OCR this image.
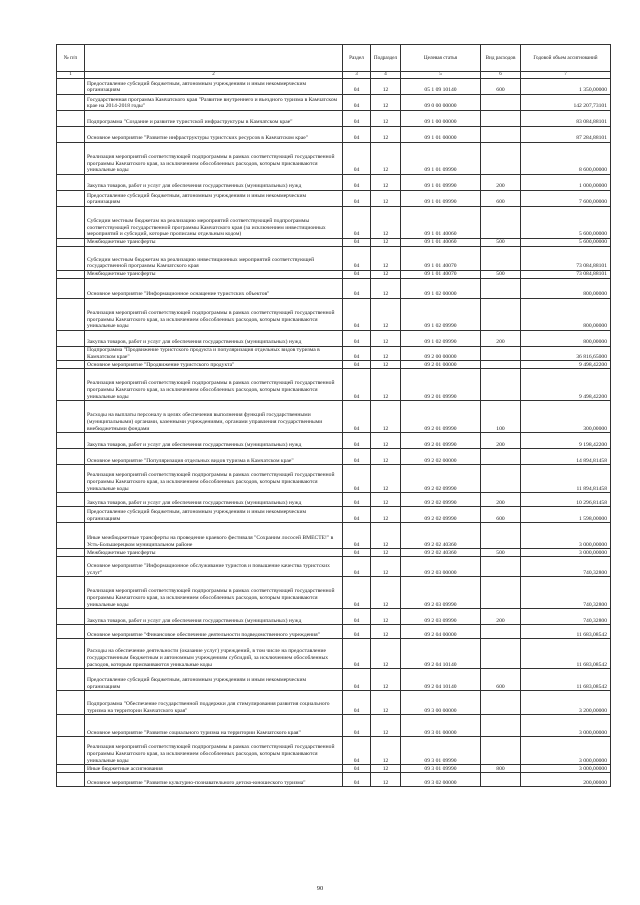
№ п/п		Раздел	Подраздел	Целевая статья	Вид расходов	Годовой объем ассигнований
1	2	3	4	5	6	7
	Предоставление субсидий бюджетным, автономным учреждениям и иным некоммерческим организациям	04	12	05 1 09 10140	600	1 350,00000
	Государственная программа Камчатского края "Развитие внутреннего и въездного туризма в Камчатском крае на 2014-2018 годы"	04	12	09 0 00 00000		142 207,73101
	Подпрограмма "Создание и развитие туристской инфраструктуры в Камчатском крае"	04	12	09 1 00 00000		83 084,88101
	Основное мероприятие "Развитие инфраструктуры туристских ресурсов в Камчатском крае"	04	12	09 1 01 00000		87 284,88101
	Реализация мероприятий соответствующей подпрограммы в рамках соответствующей государственной программы Камчатского края, за исключением обособленных расходов, которым присваиваются уникальные коды	04	12	09 1 01 09990		8 600,00000
	Закупка товаров, работ и услуг для обеспечения государственных (муниципальных) нужд	04	12	09 1 01 09990	200	1 000,00000
	Предоставление субсидий бюджетным, автономным учреждениям и иным некоммерческим организациям	04	12	09 1 01 09990	600	7 600,00000
	Субсидии местным бюджетам на реализацию мероприятий соответствующей подпрограммы соответствующей государственной программы Камчатского края (за исключением инвестиционных мероприятий и субсидий, которые прописаны отдельным кодом)	04	12	09 1 01 40060		5 600,00000
	Межбюджетные трансферты	04	12	09 1 01 40060	500	5 600,00000
	Субсидии местным бюджетам на реализацию инвестиционных мероприятий соответствующей государственной программы Камчатского края	04	12	09 1 01 40070		73 084,88101
	Межбюджетные трансферты	04	12	09 1 01 40070	500	73 084,88101
	Основное мероприятие "Информационное оснащение туристских объектов"	04	12	09 1 02 00000		800,00000
	Реализация мероприятий соответствующей подпрограммы в рамках соответствующей государственной программы Камчатского края, за исключением обособленных расходов, которым присваиваются уникальные коды	04	12	09 1 02 09990		800,00000
	Закупка товаров, работ и услуг для обеспечения государственных (муниципальных) нужд	04	12	09 1 02 09990	200	800,00000
	Подпрограмма "Продвижение туристского продукта и популяризация отдельных видов туризма в Камчатском крае"	04	12	09 2 00 00000		36 816,65000
	Основное мероприятие "Продвижение туристского продукта"	04	12	09 2 01 00000		9 498,42200
	Реализация мероприятий соответствующей подпрограммы в рамках соответствующей государственной программы Камчатского края, за исключением обособленных расходов, которым присваиваются уникальные коды	04	12	09 2 01 09990		9 498,42200
	Расходы на выплаты персоналу в целях обеспечения выполнения функций государственными (муниципальными) органами, казенными учреждениями, органами управления государственными внебюджетными фондами	04	12	09 2 01 09990	100	300,00000
	Закупка товаров, работ и услуг для обеспечения государственных (муниципальных) нужд	04	12	09 2 01 09990	200	9 198,42200
	Основное мероприятие "Популяризация отдельных видов туризма в Камчатском крае"	04	12	09 2 02 00000		14 894,81458
	Реализация мероприятий соответствующей подпрограммы в рамках соответствующей государственной программы Камчатского края, за исключением обособленных расходов, которым присваиваются уникальные коды	04	12	09 2 02 09990		11 894,81458
	Закупка товаров, работ и услуг для обеспечения государственных (муниципальных) нужд	04	12	09 2 02 09990	200	10 296,81458
	Предоставление субсидий бюджетным, автономным учреждениям и иным некоммерческим организациям	04	12	09 2 02 09990	600	1 598,00000
	Иные межбюджетные трансферты на проведение краевого фестиваля "Сохраним лососей ВМЕСТЕ!" в Усть-Большерецком муниципальном районе	04	12	09 2 02 40360		3 000,00000
	Межбюджетные трансферты	04	12	09 2 02 40360	500	3 000,00000
	Основное мероприятие "Информационное обслуживание туристов и повышение качества туристских услуг"	04	12	09 2 03 00000		740,32800
	Реализация мероприятий соответствующей подпрограммы в рамках соответствующей государственной программы Камчатского края, за исключением обособленных расходов, которым присваиваются уникальные коды	04	12	09 2 03 09990		740,32800
	Закупка товаров, работ и услуг для обеспечения государственных (муниципальных) нужд	04	12	09 2 03 09990	200	740,32800
	Основное мероприятие "Финансовое обеспечение деятельности подведомственного учреждения"	04	12	09 2 04 00000		11 683,08542
	Расходы на обеспечение деятельности (оказание услуг) учреждений, в том числе на предоставление государственным бюджетным и автономным учреждениям субсидий, за исключением обособленных расходов, которым присваиваются уникальные коды	04	12	09 2 04 10140		11 683,08542
	Предоставление субсидий бюджетным, автономным учреждениям и иным некоммерческим организациям	04	12	09 2 04 10140	600	11 683,08542
	Подпрограмма "Обеспечение государственной поддержки для стимулирования развития социального туризма на территории Камчатского края"	04	12	09 3 00 00000		3 200,00000
	Основное мероприятие "Развитие социального туризма на территории Камчатского края"	04	12	09 3 01 00000		3 000,00000
	Реализация мероприятий соответствующей подпрограммы в рамках соответствующей государственной программы Камчатского края, за исключением обособленных расходов, которым присваиваются уникальные коды	04	12	09 3 01 09990		3 000,00000
	Иные бюджетные ассигнования	04	12	09 3 01 09990	800	3 000,00000
	Основное мероприятие "Развитие культурно-познавательного детско-юношеского туризма"	04	12	09 3 02 00000		200,00000
90
